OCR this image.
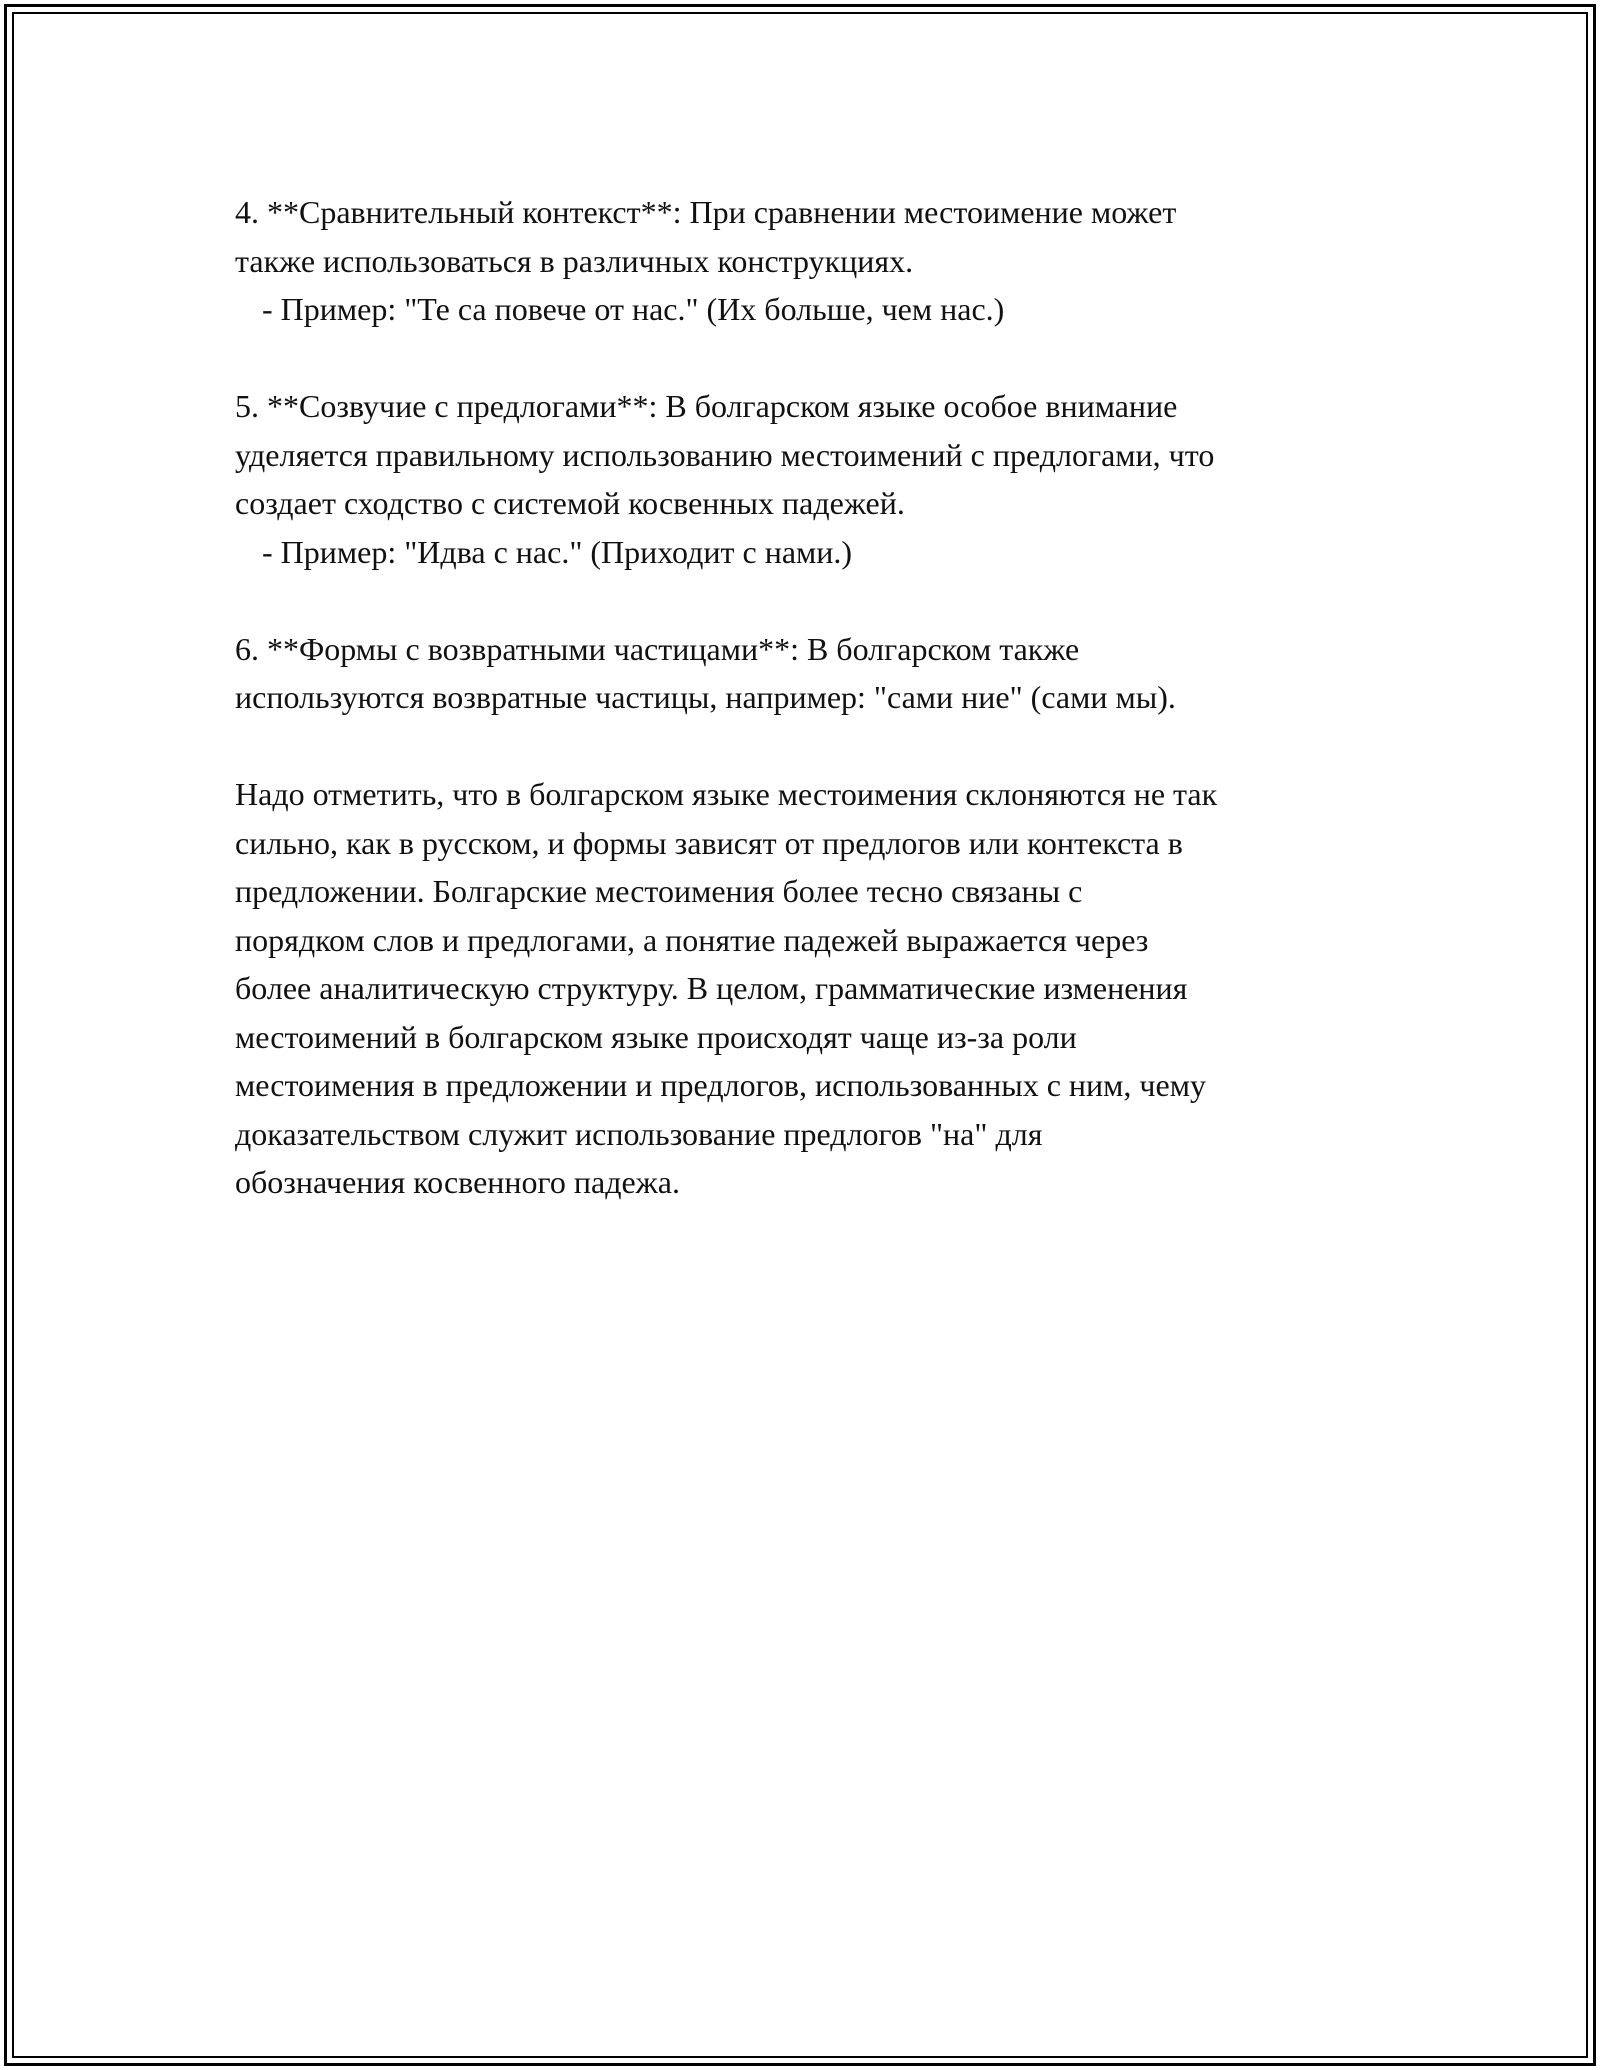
4. **Сравнительный контекст**: При сравнении местоимение может
также использоваться в различных конструкциях.

- Пример: "Те са повече от нас." (Их больше, чем нас.)

5. **Созвучие с предлогами**: В болгарском языке особое внимание
уделяется правильному использованию местоимений с предлогами, что
создает сходство с системой косвенных падежей.

- Пример: "Идва с нас." (Приходит с нами.)

6. **Формы с возвратными частицами**: В болгарском также
используются возвратные частицы, например: "сами ние" (сами мы).

Надо отметить, что в болгарском языке местоимения склоняются не так
сильно, как в русском, и формы зависят от предлогов или контекста в
предложении. Болгарские местоимения более тесно связаны с
порядком слов и предлогами, а понятие падежей выражается через
более аналитическую структуру. В целом, грамматические изменения
местоимений в болгарском языке происходят чаще из-за роли
местоимения в предложении и предлогов, использованных с ним, чему
доказательством служит использование предлогов "на" для
обозначения косвенного падежа.
